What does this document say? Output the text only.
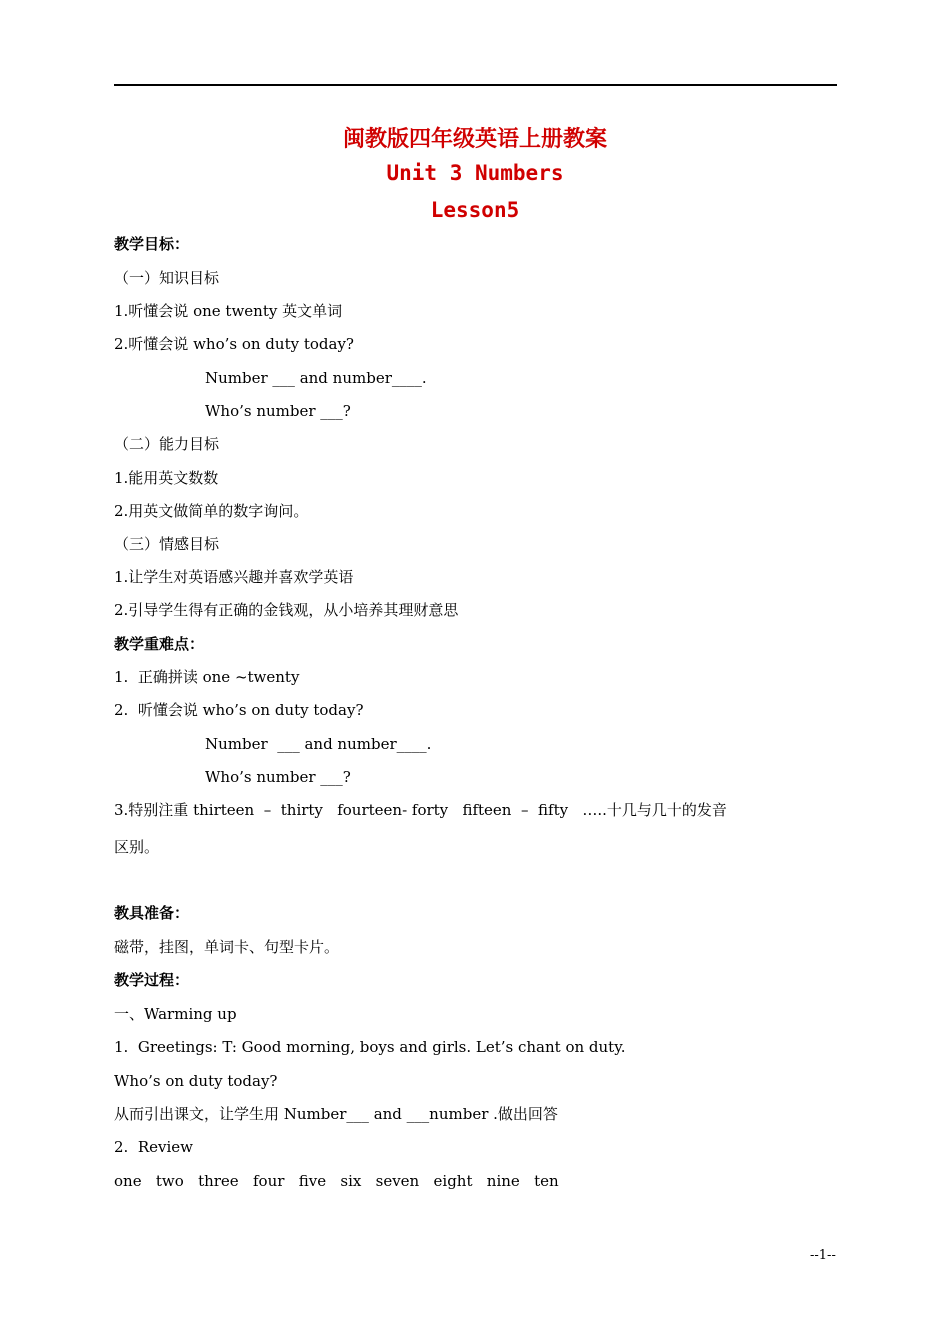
闽教版四年级英语上册教案
Unit 3 Numbers
Lesson5

教学目标：

（一）知识目标

1.听懂会说 one twenty 英文单词

2.听懂会说 who’s on duty today?

Number ___ and number____.

Who’s number ___?

（二）能力目标

1.能用英文数数

2.用英文做简单的数字询问。

（三）情感目标

1.让学生对英语感兴趣并喜欢学英语

2.引导学生得有正确的金钱观，从小培养其理财意思

教学重难点：

1.  正确拼读 one ~twenty

2.  听懂会说 who’s on duty today?

Number  ___ and number____.

Who’s number ___?

3.特别注重 thirteen  –  thirty   fourteen- forty   fifteen  –  fifty   …..十几与几十的发音

区别。

教具准备：

磁带，挂图，单词卡、句型卡片。

教学过程：

一、Warming up

1.  Greetings: T: Good morning, boys and girls. Let’s chant on duty.

Who’s on duty today?

从而引出课文，让学生用 Number___ and ___number .做出回答

2.  Review

one   two   three   four   five   six   seven   eight   nine   ten

--1--
